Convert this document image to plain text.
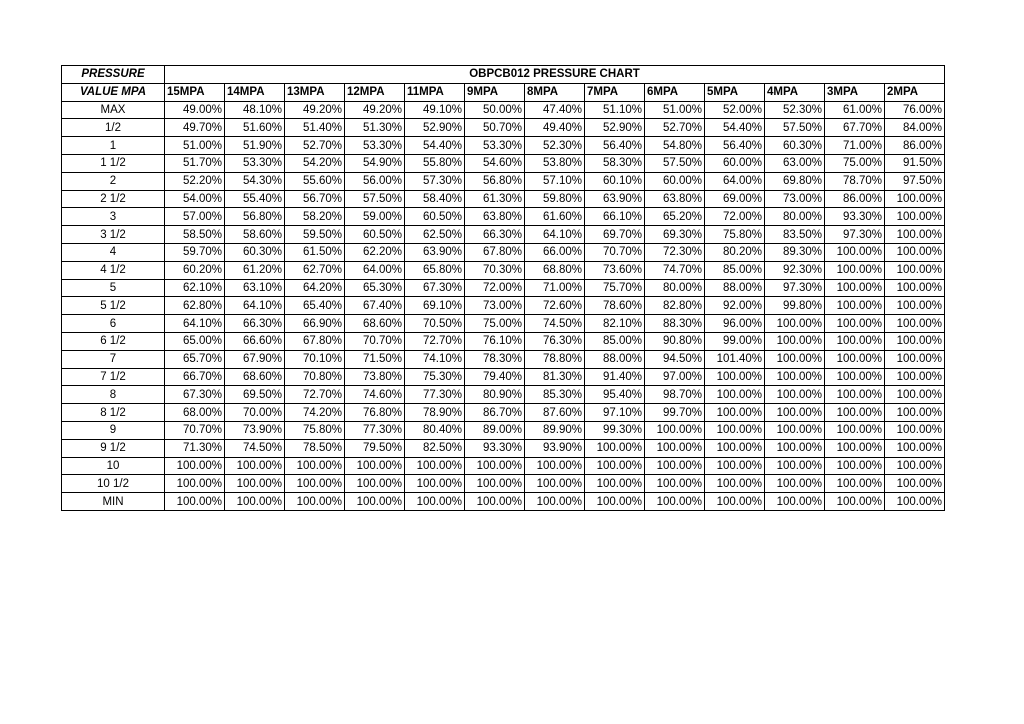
PRESSURE	OBPCB012 PRESSURE CHART												
VALUE MPA	15MPA	14MPA	13MPA	12MPA	11MPA	9MPA	8MPA	7MPA	6MPA	5MPA	4MPA	3MPA	2MPA
MAX	49.00%	48.10%	49.20%	49.20%	49.10%	50.00%	47.40%	51.10%	51.00%	52.00%	52.30%	61.00%	76.00%
1/2	49.70%	51.60%	51.40%	51.30%	52.90%	50.70%	49.40%	52.90%	52.70%	54.40%	57.50%	67.70%	84.00%
1	51.00%	51.90%	52.70%	53.30%	54.40%	53.30%	52.30%	56.40%	54.80%	56.40%	60.30%	71.00%	86.00%
1 1/2	51.70%	53.30%	54.20%	54.90%	55.80%	54.60%	53.80%	58.30%	57.50%	60.00%	63.00%	75.00%	91.50%
2	52.20%	54.30%	55.60%	56.00%	57.30%	56.80%	57.10%	60.10%	60.00%	64.00%	69.80%	78.70%	97.50%
2 1/2	54.00%	55.40%	56.70%	57.50%	58.40%	61.30%	59.80%	63.90%	63.80%	69.00%	73.00%	86.00%	100.00%
3	57.00%	56.80%	58.20%	59.00%	60.50%	63.80%	61.60%	66.10%	65.20%	72.00%	80.00%	93.30%	100.00%
3 1/2	58.50%	58.60%	59.50%	60.50%	62.50%	66.30%	64.10%	69.70%	69.30%	75.80%	83.50%	97.30%	100.00%
4	59.70%	60.30%	61.50%	62.20%	63.90%	67.80%	66.00%	70.70%	72.30%	80.20%	89.30%	100.00%	100.00%
4 1/2	60.20%	61.20%	62.70%	64.00%	65.80%	70.30%	68.80%	73.60%	74.70%	85.00%	92.30%	100.00%	100.00%
5	62.10%	63.10%	64.20%	65.30%	67.30%	72.00%	71.00%	75.70%	80.00%	88.00%	97.30%	100.00%	100.00%
5 1/2	62.80%	64.10%	65.40%	67.40%	69.10%	73.00%	72.60%	78.60%	82.80%	92.00%	99.80%	100.00%	100.00%
6	64.10%	66.30%	66.90%	68.60%	70.50%	75.00%	74.50%	82.10%	88.30%	96.00%	100.00%	100.00%	100.00%
6 1/2	65.00%	66.60%	67.80%	70.70%	72.70%	76.10%	76.30%	85.00%	90.80%	99.00%	100.00%	100.00%	100.00%
7	65.70%	67.90%	70.10%	71.50%	74.10%	78.30%	78.80%	88.00%	94.50%	101.40%	100.00%	100.00%	100.00%
7 1/2	66.70%	68.60%	70.80%	73.80%	75.30%	79.40%	81.30%	91.40%	97.00%	100.00%	100.00%	100.00%	100.00%
8	67.30%	69.50%	72.70%	74.60%	77.30%	80.90%	85.30%	95.40%	98.70%	100.00%	100.00%	100.00%	100.00%
8 1/2	68.00%	70.00%	74.20%	76.80%	78.90%	86.70%	87.60%	97.10%	99.70%	100.00%	100.00%	100.00%	100.00%
9	70.70%	73.90%	75.80%	77.30%	80.40%	89.00%	89.90%	99.30%	100.00%	100.00%	100.00%	100.00%	100.00%
9 1/2	71.30%	74.50%	78.50%	79.50%	82.50%	93.30%	93.90%	100.00%	100.00%	100.00%	100.00%	100.00%	100.00%
10	100.00%	100.00%	100.00%	100.00%	100.00%	100.00%	100.00%	100.00%	100.00%	100.00%	100.00%	100.00%	100.00%
10 1/2	100.00%	100.00%	100.00%	100.00%	100.00%	100.00%	100.00%	100.00%	100.00%	100.00%	100.00%	100.00%	100.00%
MIN	100.00%	100.00%	100.00%	100.00%	100.00%	100.00%	100.00%	100.00%	100.00%	100.00%	100.00%	100.00%	100.00%
